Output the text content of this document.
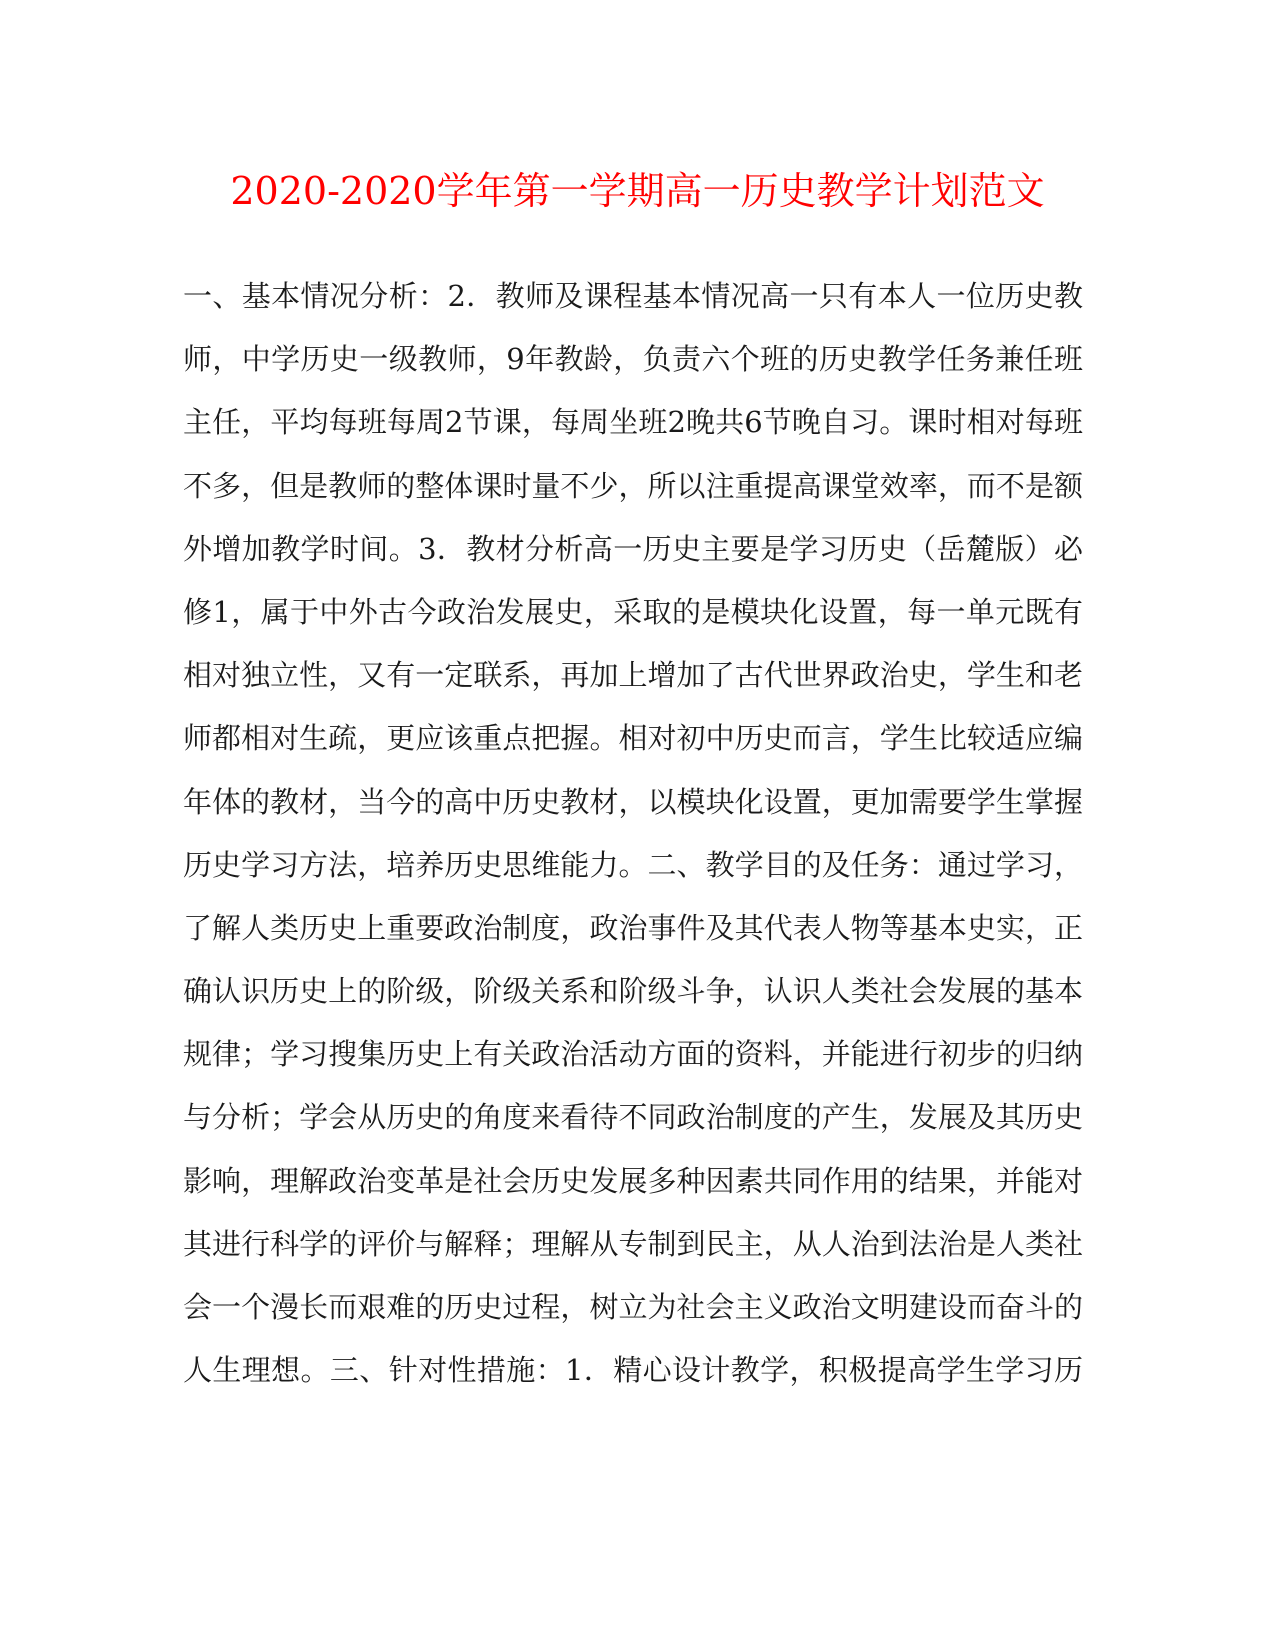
2020-2020学年第一学期高一历史教学计划范文
一、基本情况分析：2．教师及课程基本情况高一只有本人一位历史教
师，中学历史一级教师，9年教龄，负责六个班的历史教学任务兼任班
主任，平均每班每周2节课，每周坐班2晚共6节晚自习。课时相对每班
不多，但是教师的整体课时量不少，所以注重提高课堂效率，而不是额
外增加教学时间。3．教材分析高一历史主要是学习历史（岳麓版）必
修1，属于中外古今政治发展史，采取的是模块化设置，每一单元既有
相对独立性，又有一定联系，再加上增加了古代世界政治史，学生和老
师都相对生疏，更应该重点把握。相对初中历史而言，学生比较适应编
年体的教材，当今的高中历史教材，以模块化设置，更加需要学生掌握
历史学习方法，培养历史思维能力。二、教学目的及任务：通过学习，
了解人类历史上重要政治制度，政治事件及其代表人物等基本史实，正
确认识历史上的阶级，阶级关系和阶级斗争，认识人类社会发展的基本
规律；学习搜集历史上有关政治活动方面的资料，并能进行初步的归纳
与分析；学会从历史的角度来看待不同政治制度的产生，发展及其历史
影响，理解政治变革是社会历史发展多种因素共同作用的结果，并能对
其进行科学的评价与解释；理解从专制到民主，从人治到法治是人类社
会一个漫长而艰难的历史过程，树立为社会主义政治文明建设而奋斗的
人生理想。三、针对性措施：1．精心设计教学，积极提高学生学习历
